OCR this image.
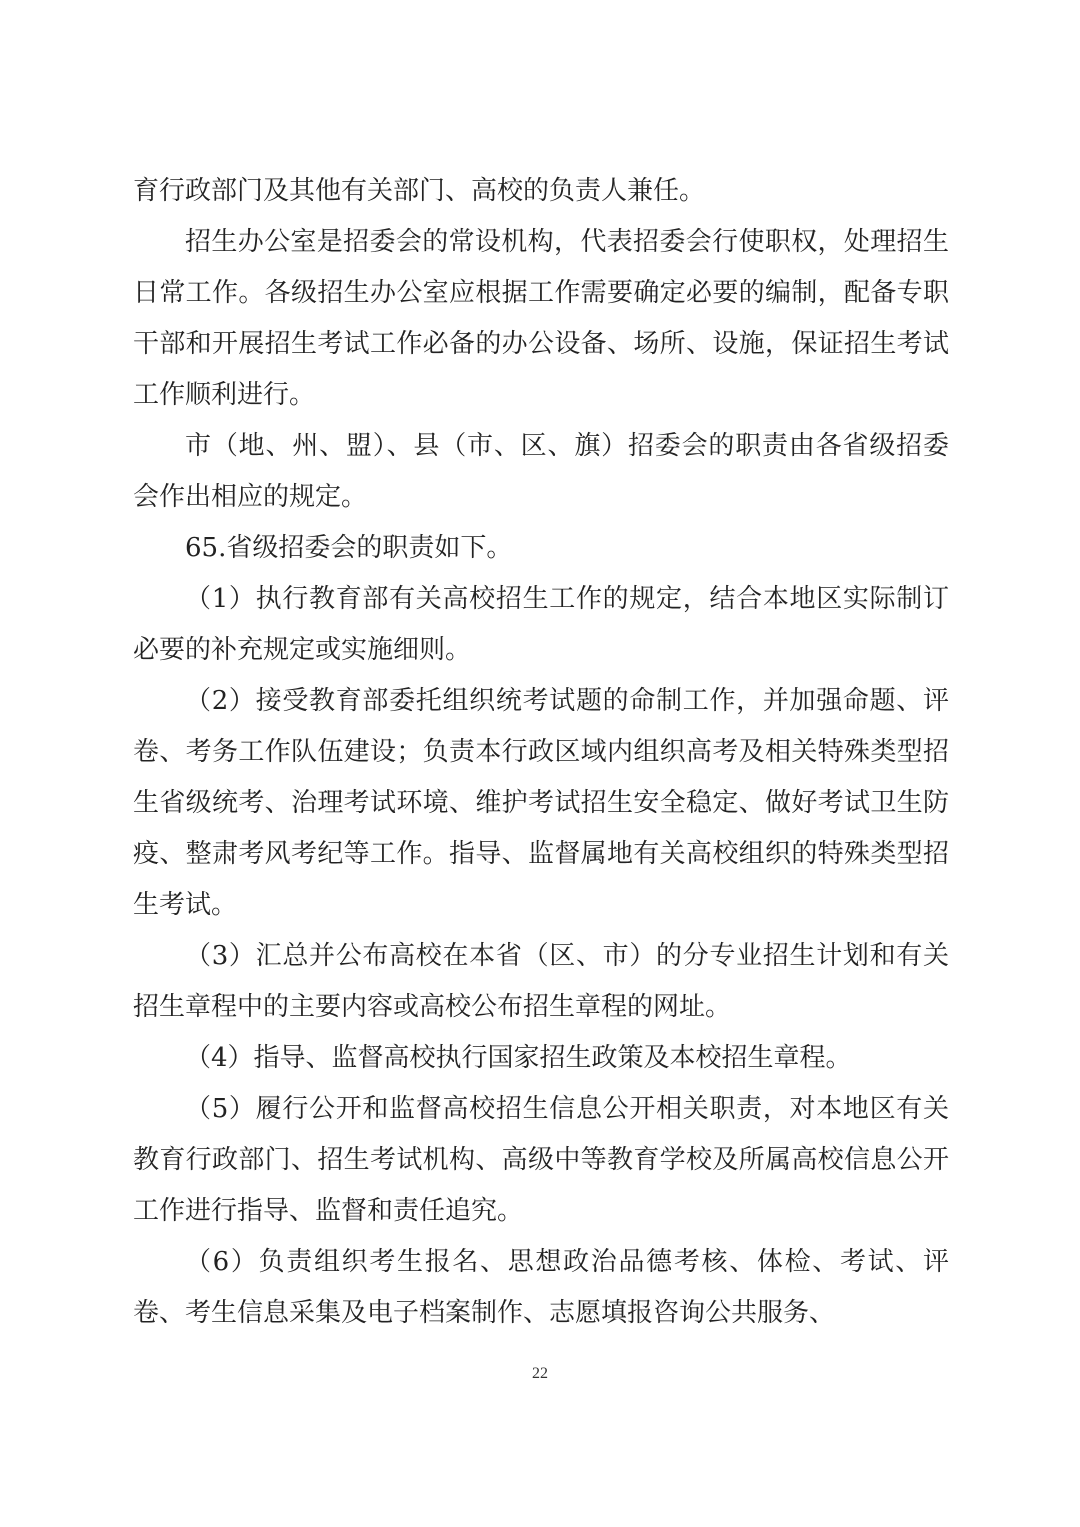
育行政部门及其他有关部门、高校的负责人兼任。

招生办公室是招委会的常设机构，代表招委会行使职权，处理招生日常工作。各级招生办公室应根据工作需要确定必要的编制，配备专职干部和开展招生考试工作必备的办公设备、场所、设施，保证招生考试工作顺利进行。

市（地、州、盟）、县（市、区、旗）招委会的职责由各省级招委会作出相应的规定。

65.省级招委会的职责如下。

（1）执行教育部有关高校招生工作的规定，结合本地区实际制订必要的补充规定或实施细则。

（2）接受教育部委托组织统考试题的命制工作，并加强命题、评卷、考务工作队伍建设；负责本行政区域内组织高考及相关特殊类型招生省级统考、治理考试环境、维护考试招生安全稳定、做好考试卫生防疫、整肃考风考纪等工作。指导、监督属地有关高校组织的特殊类型招生考试。

（3）汇总并公布高校在本省（区、市）的分专业招生计划和有关招生章程中的主要内容或高校公布招生章程的网址。

（4）指导、监督高校执行国家招生政策及本校招生章程。

（5）履行公开和监督高校招生信息公开相关职责，对本地区有关教育行政部门、招生考试机构、高级中等教育学校及所属高校信息公开工作进行指导、监督和责任追究。

（6）负责组织考生报名、思想政治品德考核、体检、考试、评卷、考生信息采集及电子档案制作、志愿填报咨询公共服务、

22
